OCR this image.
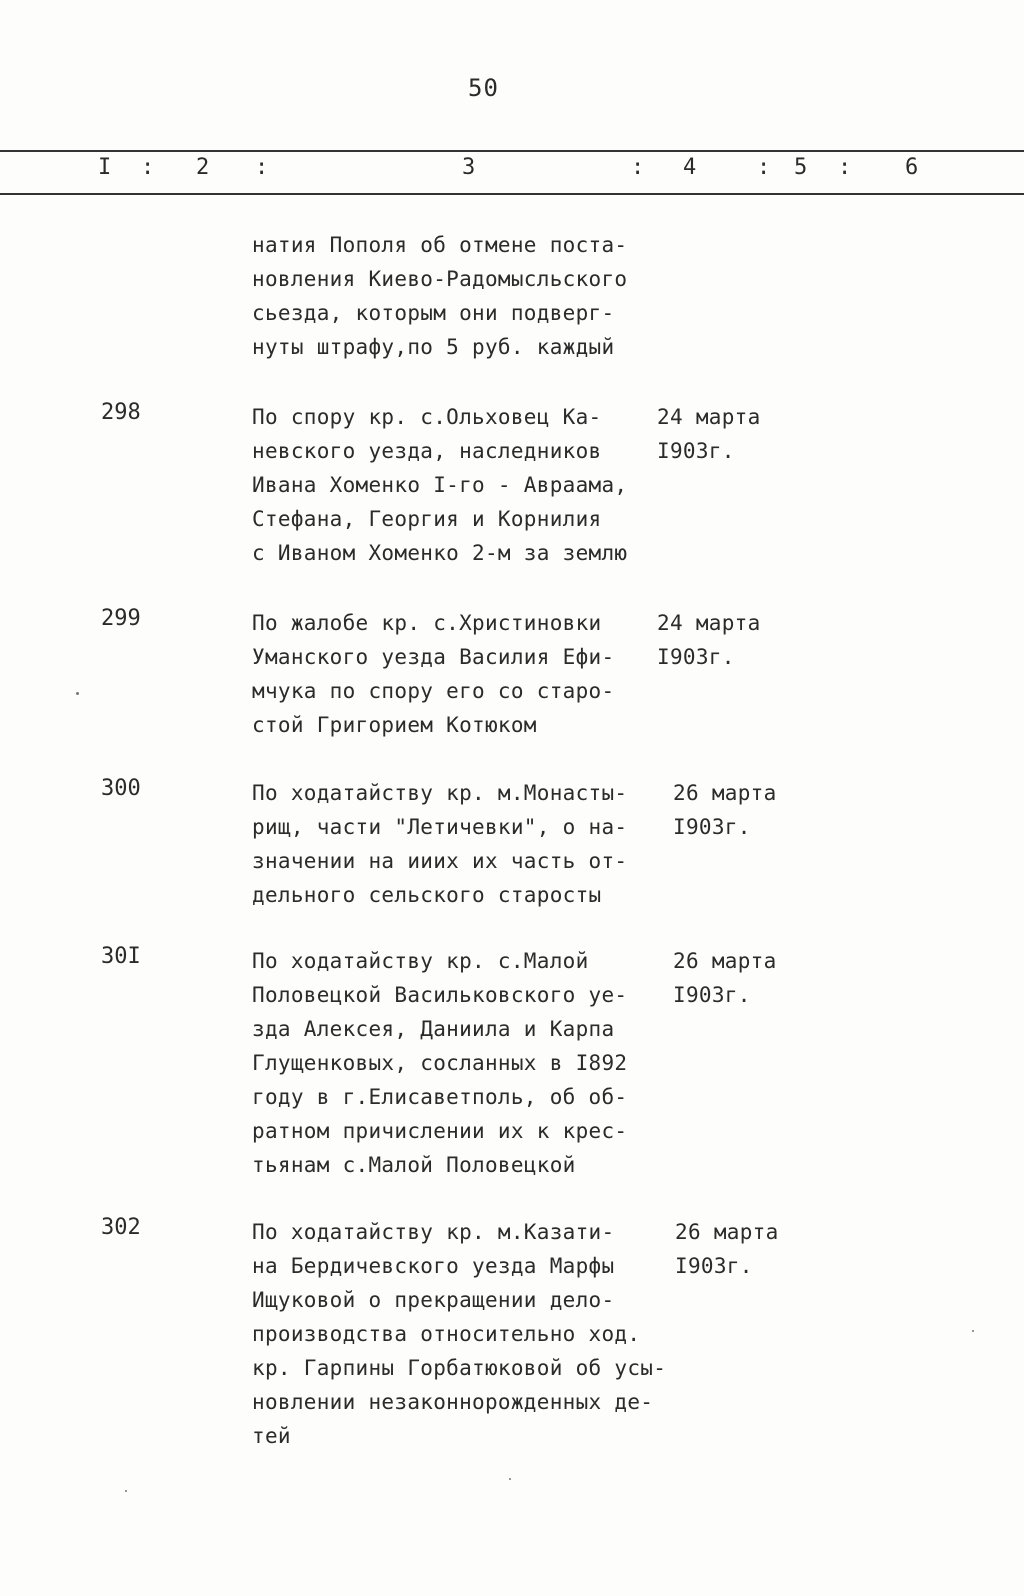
50
I : 2 :	3	: 4	: 5 : 6
натия Пополя об отмене поста-
новления Киево-Радомысльского
сьезда, которым они подверг-
нуты штрафу,по 5 руб. каждый
298	По спору кр. с.Ольховец Ка-
невского уезда, наследников
Ивана Хоменко I-го - Авраама,
Стефана, Георгия и Корнилия
с Иваном Хоменко 2-м за землю
24 марта
I903г.
299	По жалобе кр. с.Христиновки
Уманского уезда Василия Ефи-
мчука по спору его со старо-
стой Григорием Котюком
24 марта
I903г.
300	По ходатайству кр. м.Монасты-
рищ, части "Летичевки", о на-
значении на ииих их часть от-
дельного сельского старосты
26 марта
I903г.
30I	По ходатайству кр. с.Малой
Половецкой Васильковского уе-
зда Алексея, Даниила и Карпа
Глущенковых, сосланных в I892
году в г.Елисаветполь, об об-
ратном причислении их к крес-
тьянам с.Малой Половецкой
26 марта
I903г.
302	По ходатайству кр. м.Казати-
на Бердичевского уезда Марфы
Ищуковой о прекращении дело-
производства относительно ход.
кр. Гарпины Горбатюковой об усы-
новлении незаконнорожденных де-
тей
26 марта
I903г.
